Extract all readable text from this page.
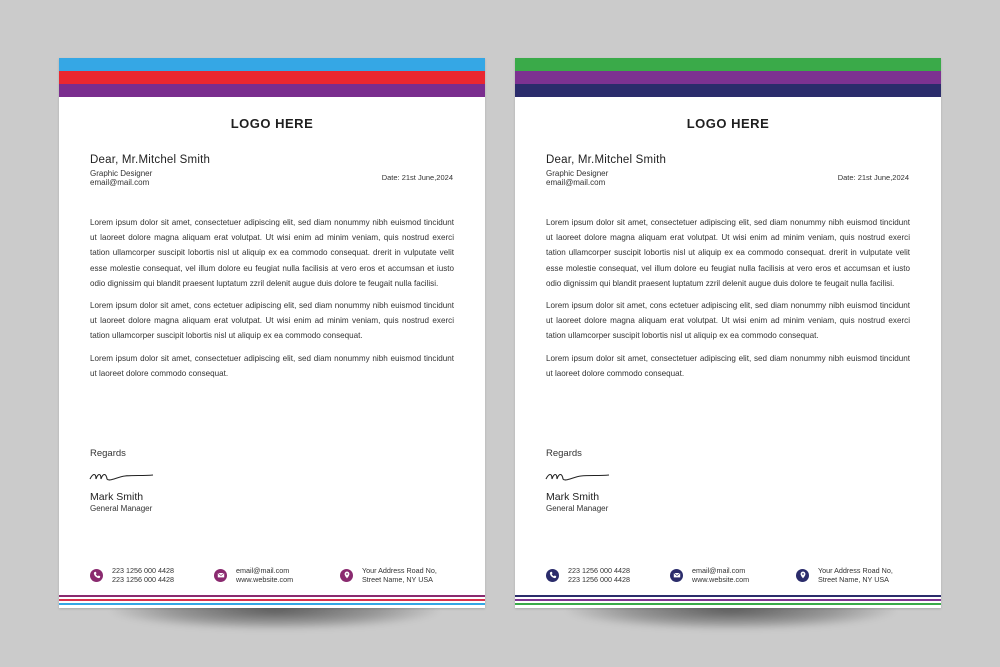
LOGO HERE
Dear, Mr.Mitchel Smith
Graphic Designer
email@mail.com
Date: 21st June,2024

Lorem ipsum dolor sit amet, consectetuer adipiscing elit, sed diam nonummy nibh euismod tincidunt ut laoreet dolore magna aliquam erat volutpat. Ut wisi enim ad minim veniam, quis nostrud exerci tation ullamcorper suscipit lobortis nisl ut aliquip ex ea commodo consequat. drerit in vulputate velit esse molestie consequat, vel illum dolore eu feugiat nulla facilisis at vero eros et accumsan et iusto odio dignissim qui blandit praesent luptatum zzril delenit augue duis dolore te feugait nulla facilisi.

Lorem ipsum dolor sit amet, cons ectetuer adipiscing elit, sed diam nonummy nibh euismod tincidunt ut laoreet dolore magna aliquam erat volutpat. Ut wisi enim ad minim veniam, quis nostrud exerci tation ullamcorper suscipit lobortis nisl ut aliquip ex ea commodo consequat.

Lorem ipsum dolor sit amet, consectetuer adipiscing elit, sed diam nonummy nibh euismod tincidunt ut laoreet dolore commodo consequat.

Regards
Mark Smith
General Manager
223 1256 000 4428
223 1256 000 4428
email@mail.com
www.website.com
Your Address Road No,
Street Name, NY USA
LOGO HERE
Dear, Mr.Mitchel Smith
Graphic Designer
email@mail.com
Date: 21st June,2024

Lorem ipsum dolor sit amet, consectetuer adipiscing elit, sed diam nonummy nibh euismod tincidunt ut laoreet dolore magna aliquam erat volutpat. Ut wisi enim ad minim veniam, quis nostrud exerci tation ullamcorper suscipit lobortis nisl ut aliquip ex ea commodo consequat. drerit in vulputate velit esse molestie consequat, vel illum dolore eu feugiat nulla facilisis at vero eros et accumsan et iusto odio dignissim qui blandit praesent luptatum zzril delenit augue duis dolore te feugait nulla facilisi.

Lorem ipsum dolor sit amet, cons ectetuer adipiscing elit, sed diam nonummy nibh euismod tincidunt ut laoreet dolore magna aliquam erat volutpat. Ut wisi enim ad minim veniam, quis nostrud exerci tation ullamcorper suscipit lobortis nisl ut aliquip ex ea commodo consequat.

Lorem ipsum dolor sit amet, consectetuer adipiscing elit, sed diam nonummy nibh euismod tincidunt ut laoreet dolore commodo consequat.

Regards
Mark Smith
General Manager
223 1256 000 4428
223 1256 000 4428
email@mail.com
www.website.com
Your Address Road No,
Street Name, NY USA
